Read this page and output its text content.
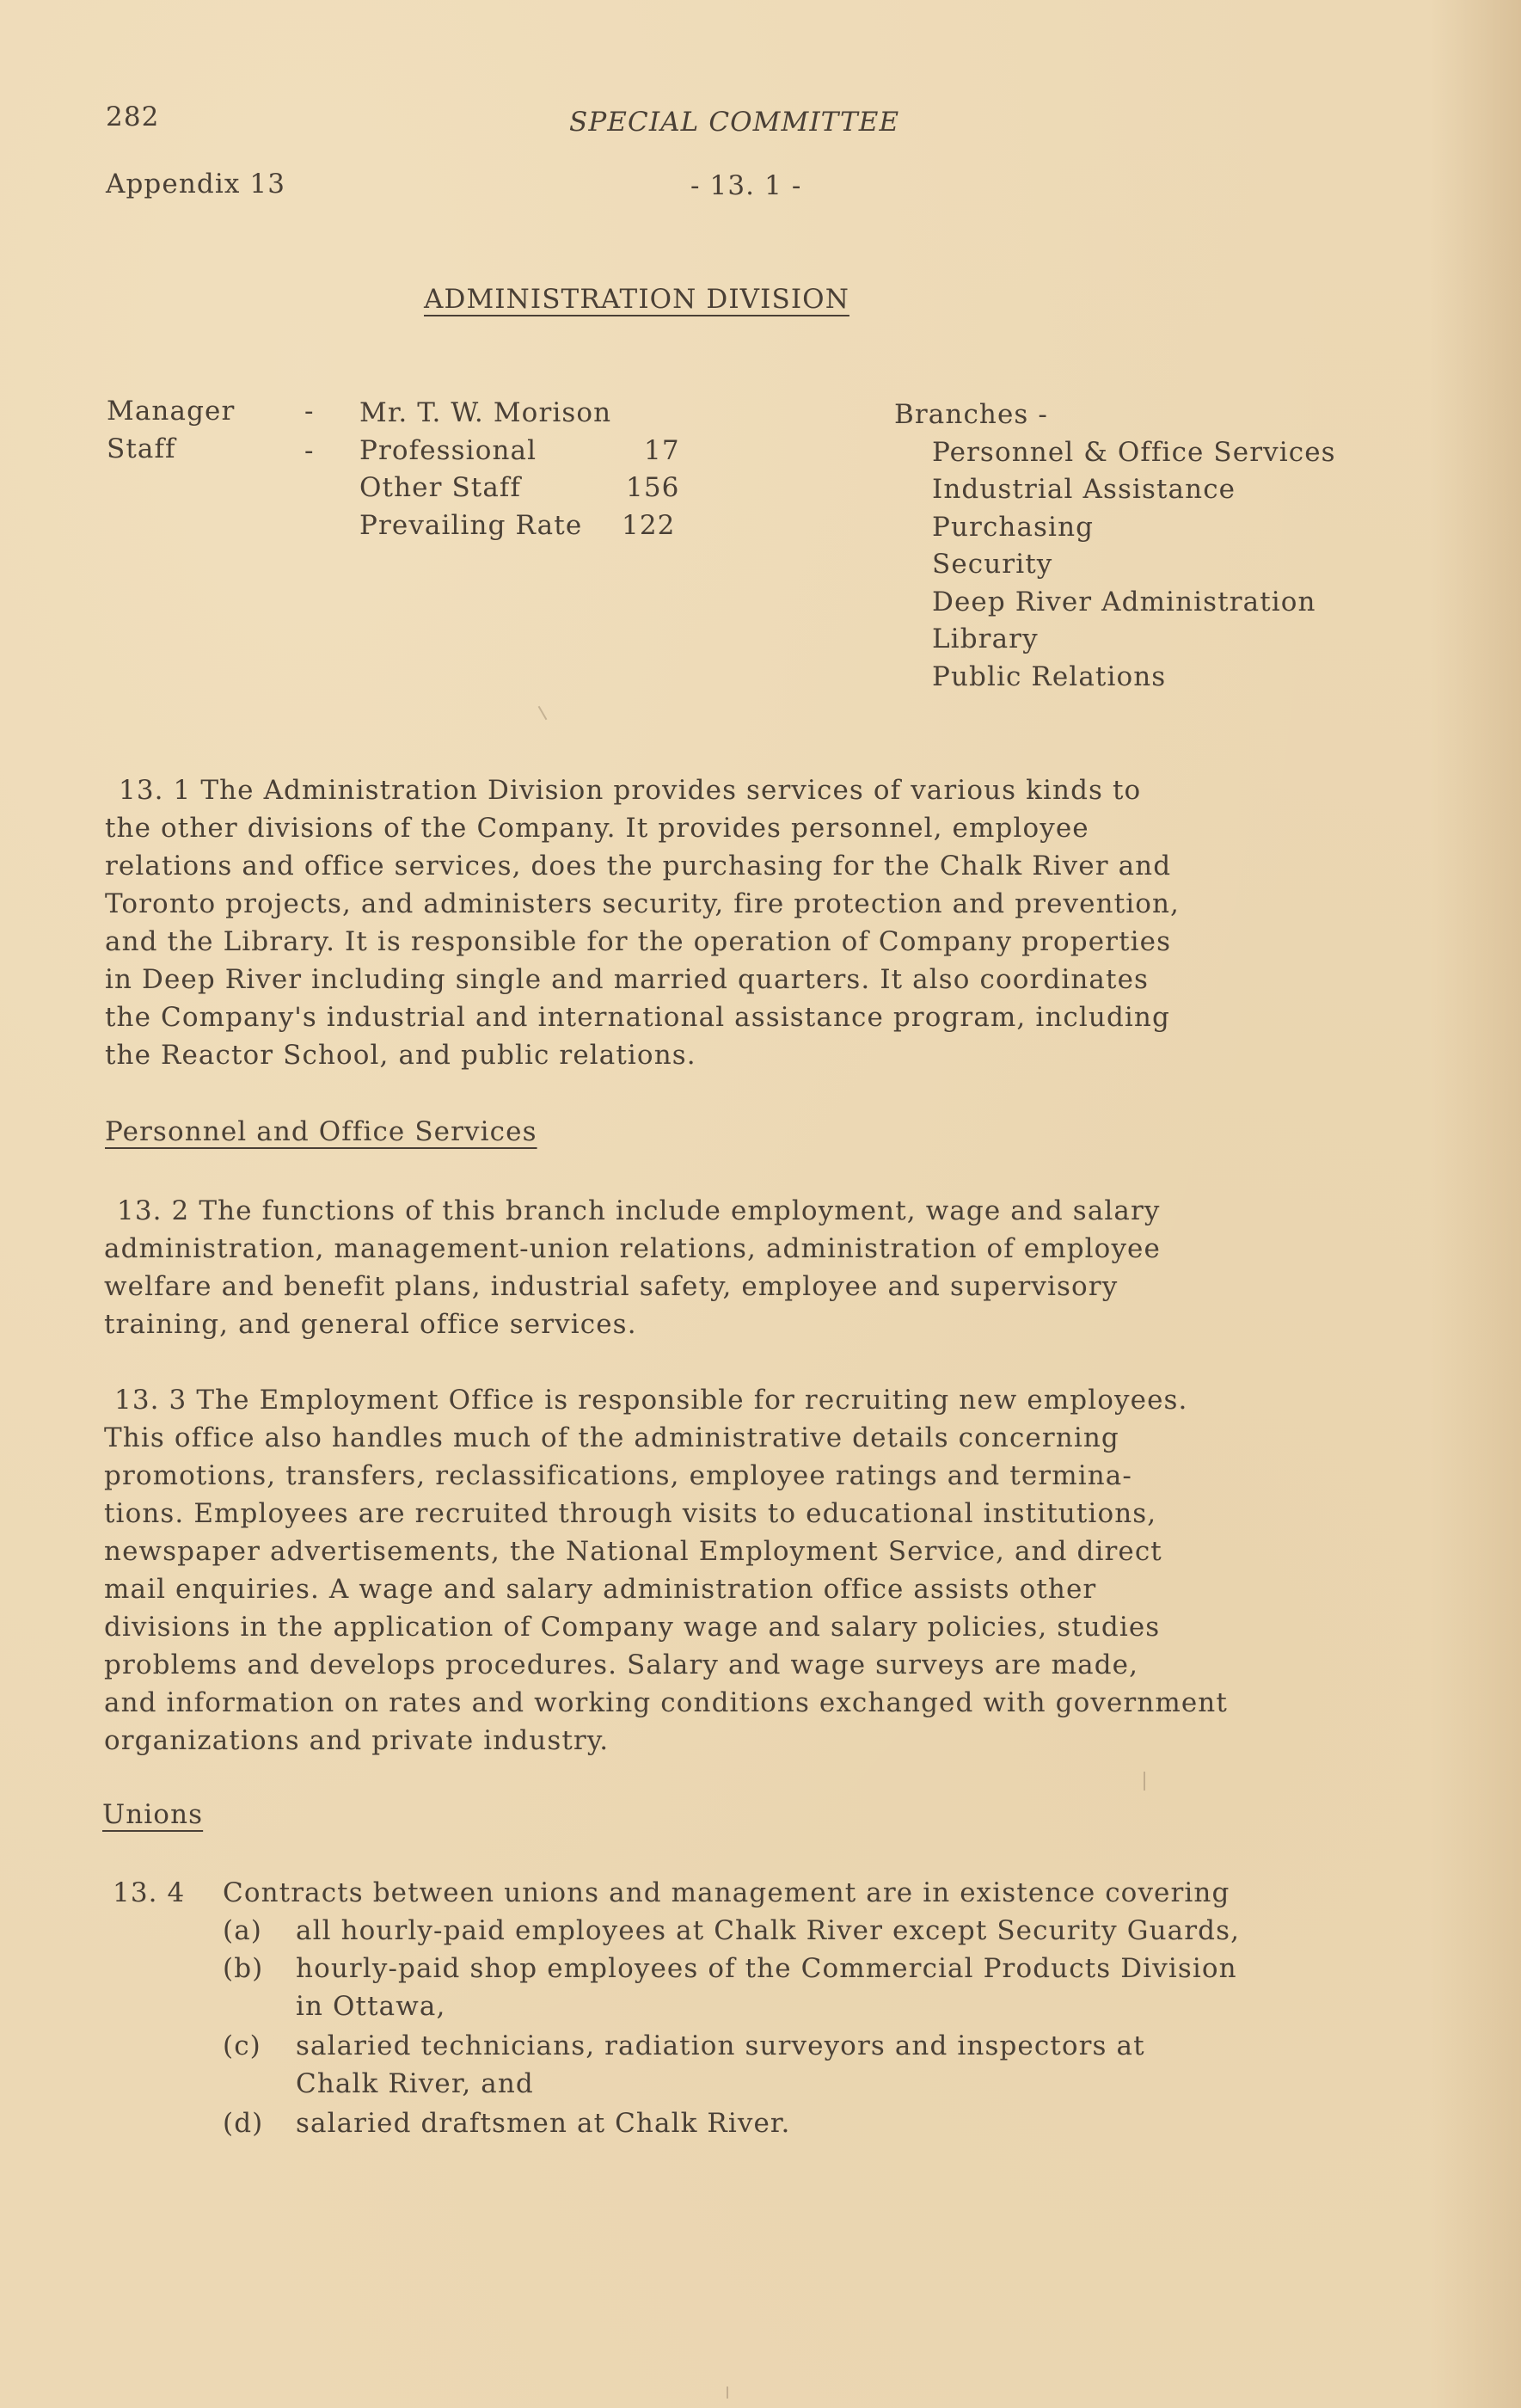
282	SPECIAL COMMITTEE
Appendix 13	- 13. 1 -
ADMINISTRATION DIVISION
Manager	- Mr. T. W. Morison
Staff	- Professional	17
Other Staff	156
Prevailing Rate 122
Branches -
Personnel & Office Services
Industrial Assistance
Purchasing
Security
Deep River Administration
Library
Public Relations
13. 1 The Administration Division provides services of various kinds to
the other divisions of the Company. It provides personnel, employee
relations and office services, does the purchasing for the Chalk River and
Toronto projects, and administers security, fire protection and prevention,
and the Library. It is responsible for the operation of Company properties
in Deep River including single and married quarters. It also coordinates
the Company's industrial and international assistance program, including
the Reactor School, and public relations.
Personnel and Office Services
13. 2 The functions of this branch include employment, wage and salary
administration, management-union relations, administration of employee
welfare and benefit plans, industrial safety, employee and supervisory
training, and general office services.
13. 3 The Employment Office is responsible for recruiting new employees.
This office also handles much of the administrative details concerning
promotions, transfers, reclassifications, employee ratings and termina-
tions. Employees are recruited through visits to educational institutions,
newspaper advertisements, the National Employment Service, and direct
mail enquiries. A wage and salary administration office assists other
divisions in the application of Company wage and salary policies, studies
problems and develops procedures. Salary and wage surveys are made,
and information on rates and working conditions exchanged with government
organizations and private industry.
Unions
13. 4 Contracts between unions and management are in existence covering
(a) all hourly-paid employees at Chalk River except Security Guards,
(b) hourly-paid shop employees of the Commercial Products Division
in Ottawa,
(c) salaried technicians, radiation surveyors and inspectors at
Chalk River, and
(d) salaried draftsmen at Chalk River.
